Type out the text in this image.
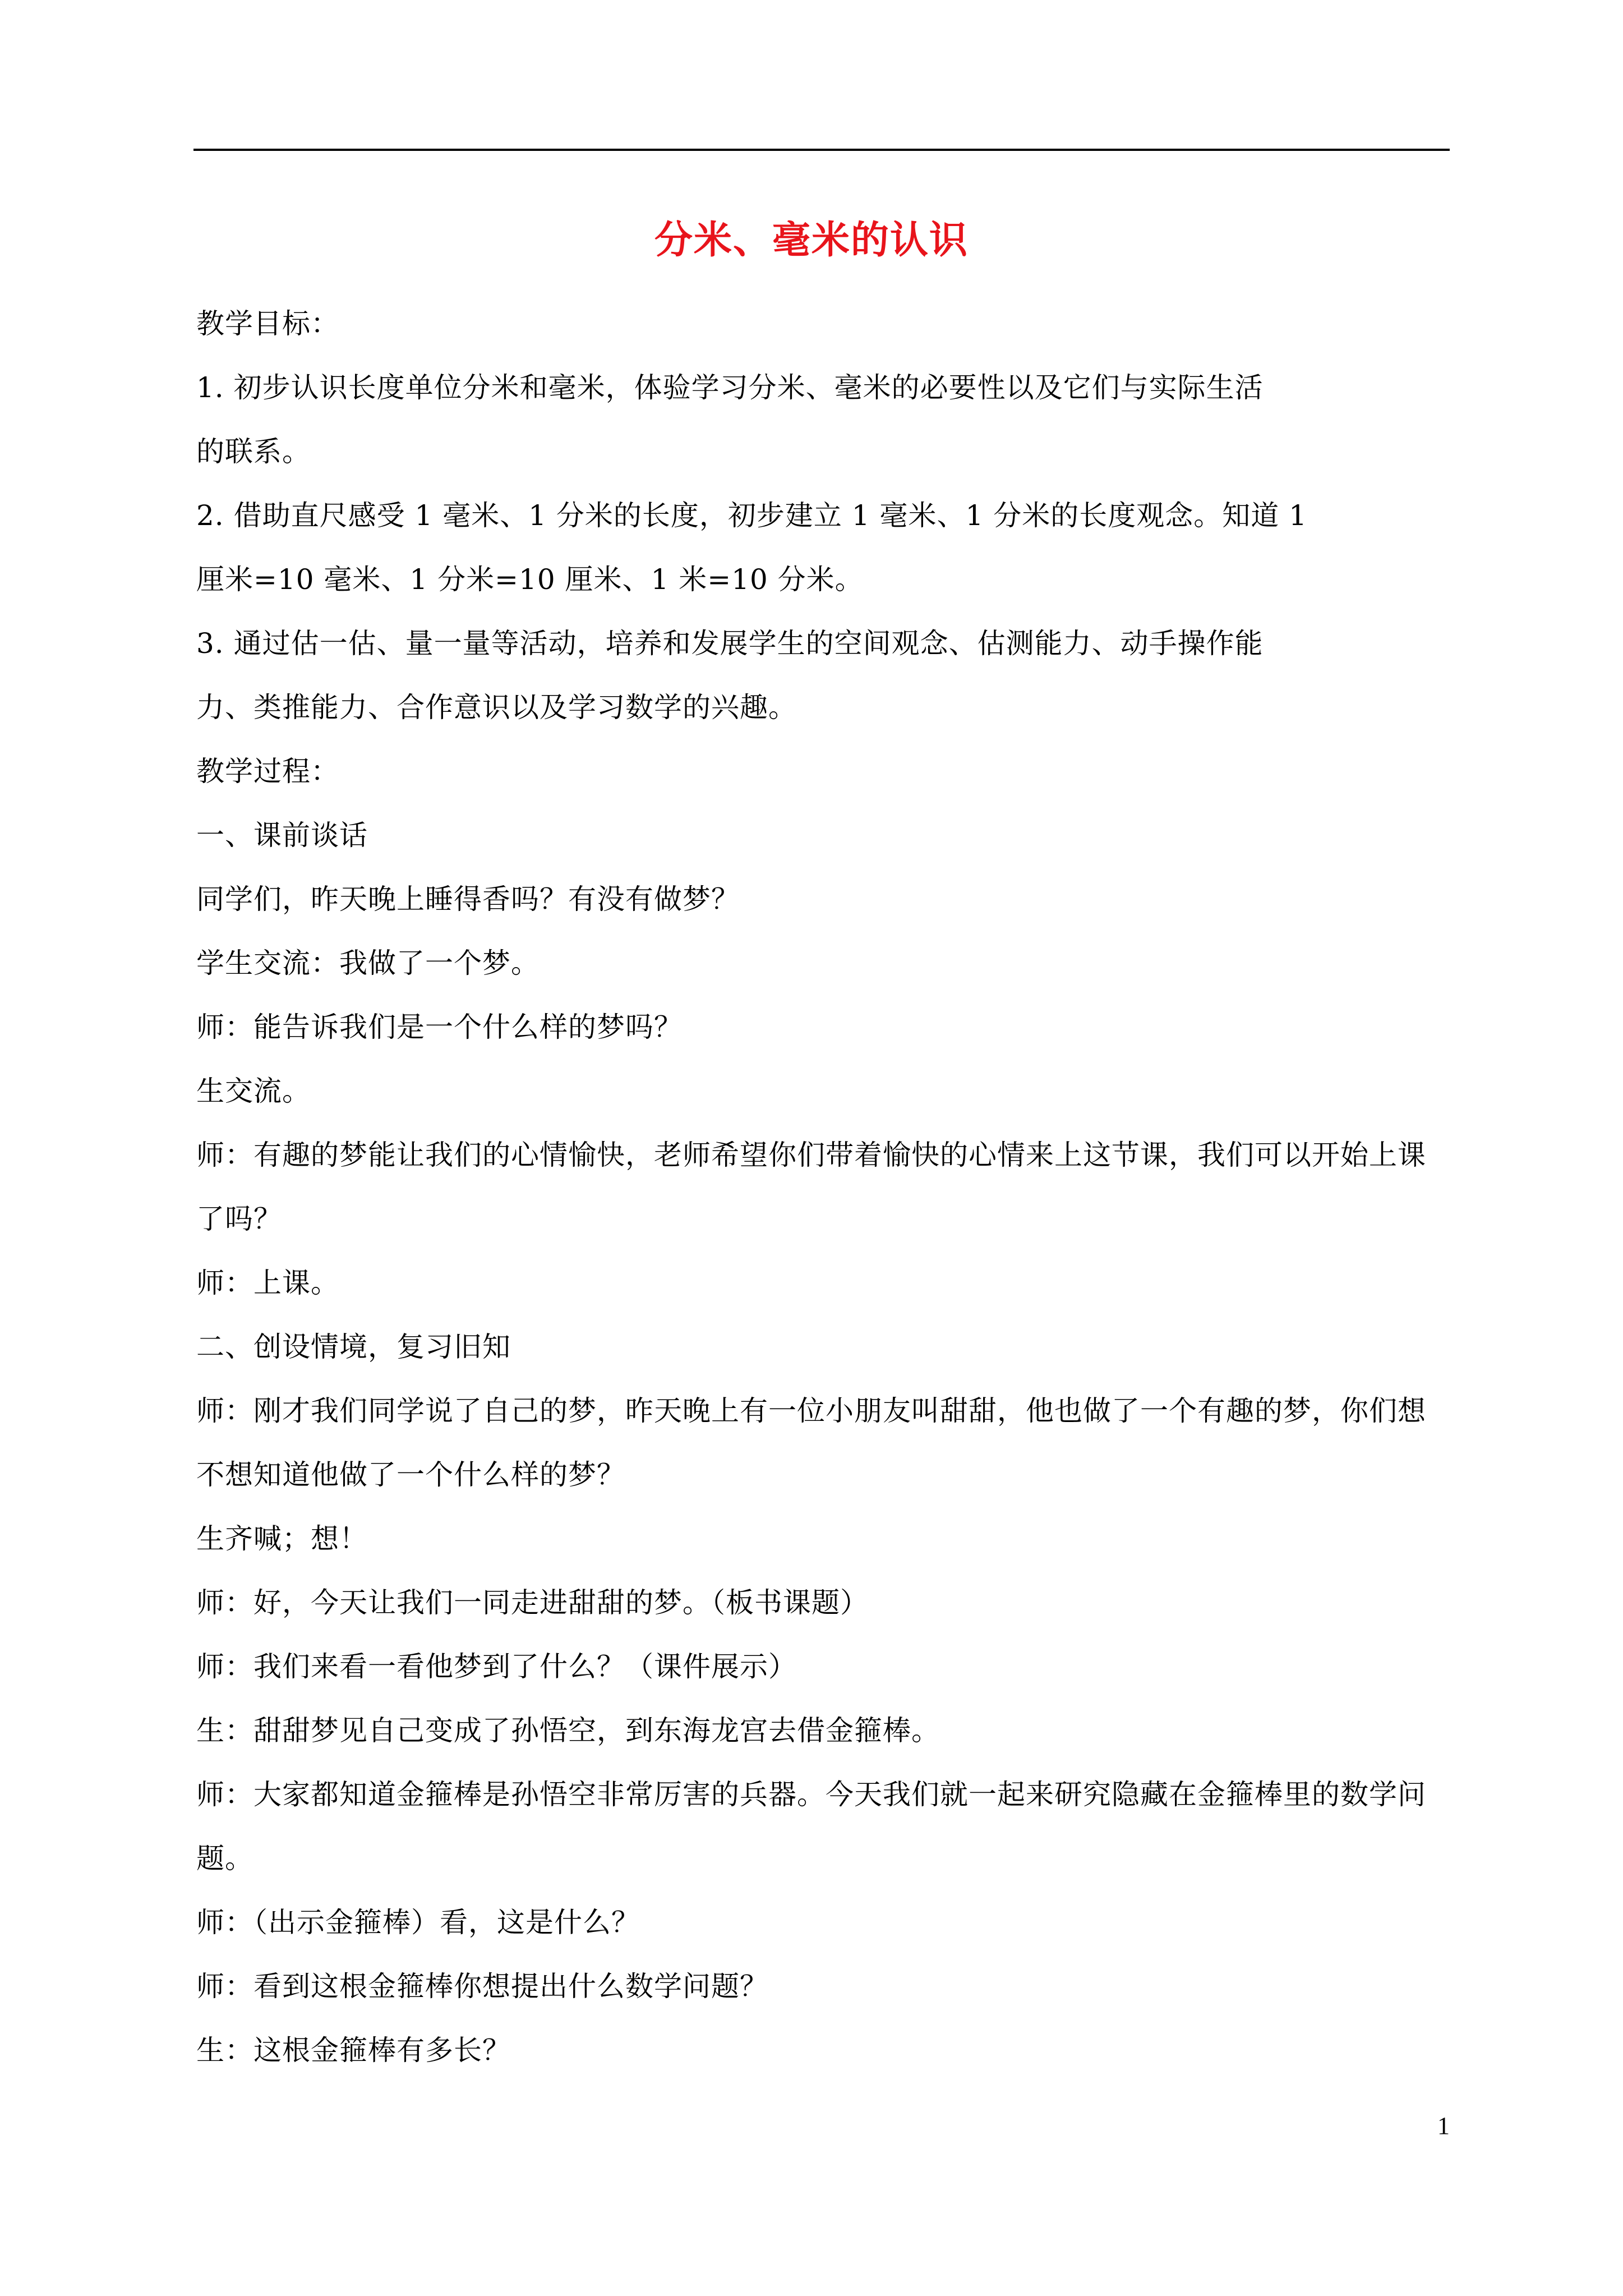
分米、毫米的认识
教学目标：
1. 初步认识长度单位分米和毫米，体验学习分米、毫米的必要性以及它们与实际生活
的联系。
2. 借助直尺感受 1 毫米、1 分米的长度，初步建立 1 毫米、1 分米的长度观念。知道 1
厘米=10 毫米、1 分米=10 厘米、1 米=10 分米。
3. 通过估一估、量一量等活动，培养和发展学生的空间观念、估测能力、动手操作能
力、类推能力、合作意识以及学习数学的兴趣。
教学过程：
一、课前谈话
同学们，昨天晚上睡得香吗？有没有做梦？
学生交流：我做了一个梦。
师：能告诉我们是一个什么样的梦吗？
生交流。
师：有趣的梦能让我们的心情愉快，老师希望你们带着愉快的心情来上这节课，我们可以开始上课
了吗？
师：上课。
二、创设情境，复习旧知
师：刚才我们同学说了自己的梦，昨天晚上有一位小朋友叫甜甜，他也做了一个有趣的梦，你们想
不想知道他做了一个什么样的梦？
生齐喊；想！
师：好，今天让我们一同走进甜甜的梦。（板书课题）
师：我们来看一看他梦到了什么？（课件展示）
生：甜甜梦见自己变成了孙悟空，到东海龙宫去借金箍棒。
师：大家都知道金箍棒是孙悟空非常厉害的兵器。今天我们就一起来研究隐藏在金箍棒里的数学问
题。
师：（出示金箍棒）看，这是什么？
师：看到这根金箍棒你想提出什么数学问题？
生：这根金箍棒有多长？
1
